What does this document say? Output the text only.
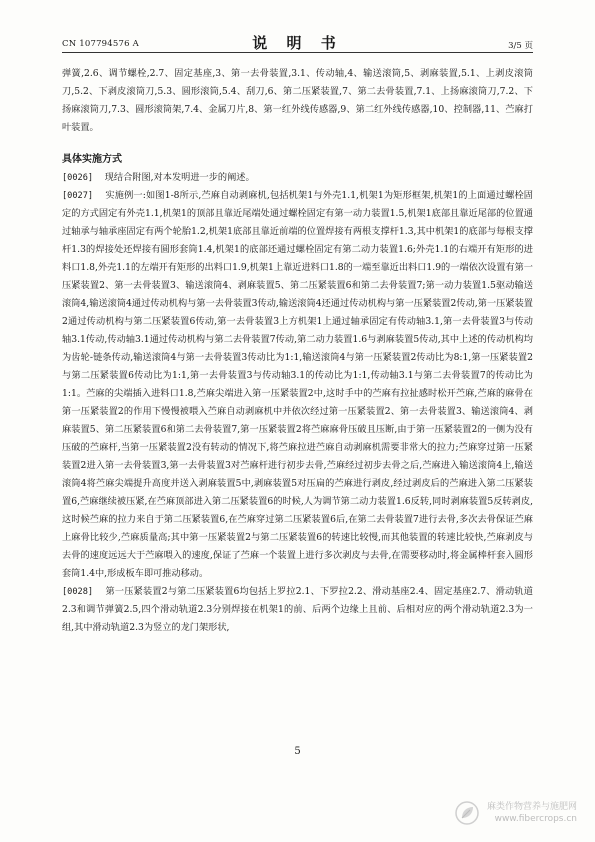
CN 107794576 A	说 明 书	3/5 页

弹簧,2.6、调节螺栓,2.7、固定基座,3、第一去骨装置,3.1、传动轴,4、输送滚筒,5、剥麻装置,5.1、上剥皮滚筒刀,5.2、下剥皮滚筒刀,5.3、圆形滚筒,5.4、刮刀,6、第二压紧装置,7、第二去骨装置,7.1、上扬麻滚筒刀,7.2、下扬麻滚筒刀,7.3、圆形滚筒架,7.4、金属刀片,8、第一红外线传感器,9、第二红外线传感器,10、控制器,11、苎麻打叶装置。

具体实施方式

[0026] 现结合附图,对本发明进一步的阐述。

[0027] 实施例一:如图1-8所示,苎麻自动剥麻机,包括机架1与外壳1.1,机架1为矩形框架,机架1的上面通过螺栓固定的方式固定有外壳1.1,机架1的顶部且靠近尾端处通过螺栓固定有第一动力装置1.5,机架1底部且靠近尾部的位置通过轴承与轴承座固定有两个轮胎1.2,机架1底部且靠近前端的位置焊接有两根支撑杆1.3,其中机架1的底部与每根支撑杆1.3的焊接处还焊接有圆形套筒1.4,机架1的底部还通过螺栓固定有第二动力装置1.6;外壳1.1的右端开有矩形的进料口1.8,外壳1.1的左端开有矩形的出料口1.9,机架1上靠近进料口1.8的一端至靠近出料口1.9的一端依次设置有第一压紧装置2、第一去骨装置3、输送滚筒4、剥麻装置5、第二压紧装置6和第二去骨装置7;第一动力装置1.5驱动输送滚筒4,输送滚筒4通过传动机构与第一去骨装置3传动,输送滚筒4还通过传动机构与第一压紧装置2传动,第一压紧装置2通过传动机构与第二压紧装置6传动,第一去骨装置3上方机架1上通过轴承固定有传动轴3.1,第一去骨装置3与传动轴3.1传动,传动轴3.1通过传动机构与第二去骨装置7传动,第二动力装置1.6与剥麻装置5传动,其中上述的传动机构均为齿轮-链条传动,输送滚筒4与第一去骨装置3传动比为1:1,输送滚筒4与第一压紧装置2传动比为8:1,第一压紧装置2与第二压紧装置6传动比为1:1,第一去骨装置3与传动轴3.1的传动比为1:1,传动轴3.1与第二去骨装置7的传动比为1:1。苎麻的尖端插入进料口1.8,苎麻尖端进入第一压紧装置2中,这时手中的苎麻有拉扯感时松开苎麻,苎麻的麻骨在第一压紧装置2的作用下慢慢被喂入苎麻自动剥麻机中并依次经过第一压紧装置2、第一去骨装置3、输送滚筒4、剥麻装置5、第二压紧装置6和第二去骨装置7,第一压紧装置2将苎麻麻骨压破且压断,由于第一压紧装置2的一侧为没有压破的苎麻杆,当第一压紧装置2没有转动的情况下,将苎麻拉进苎麻自动剥麻机需要非常大的拉力;苎麻穿过第一压紧装置2进入第一去骨装置3,第一去骨装置3对苎麻杆进行初步去骨,苎麻经过初步去骨之后,苎麻进入输送滚筒4上,输送滚筒4将苎麻尖端提升高度并送入剥麻装置5中,剥麻装置5对压扁的苎麻进行剥皮,经过剥皮后的苎麻进入第二压紧装置6,苎麻继续被压紧,在苎麻顶部进入第二压紧装置6的时候,人为调节第二动力装置1.6反转,同时剥麻装置5反转剥皮,这时候苎麻的拉力来自于第二压紧装置6,在苎麻穿过第二压紧装置6后,在第二去骨装置7进行去骨,多次去骨保证苎麻上麻骨比较少,苎麻质量高;其中第一压紧装置2与第二压紧装置6的转速比较慢,而其他装置的转速比较快,苎麻剥皮与去骨的速度远远大于苎麻喂入的速度,保证了苎麻一个装置上进行多次剥皮与去骨,在需要移动时,将金属棒杆套入圆形套筒1.4中,形成板车即可推动移动。

[0028] 第一压紧装置2与第二压紧装置6均包括上罗拉2.1、下罗拉2.2、滑动基座2.4、固定基座2.7、滑动轨道2.3和调节弹簧2.5,四个滑动轨道2.3分别焊接在机架1的前、后两个边缘上且前、后相对应的两个滑动轨道2.3为一组,其中滑动轨道2.3为竖立的龙门架形状,

5
麻类作物营养与施肥网
www.fibercrops.cn
